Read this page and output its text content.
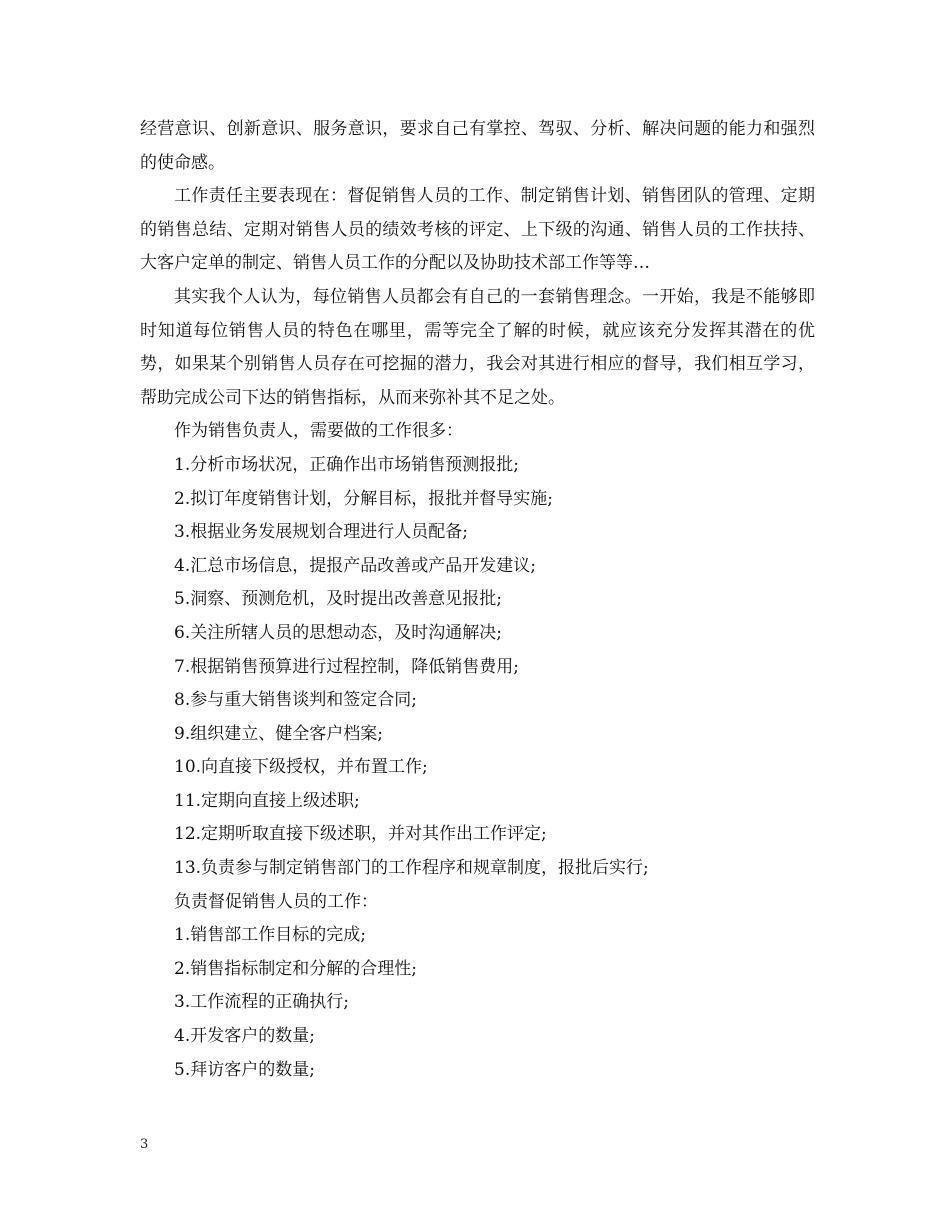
经营意识、创新意识、服务意识，要求自己有掌控、驾驭、分析、解决问题的能力和强烈的使命感。

工作责任主要表现在：督促销售人员的工作、制定销售计划、销售团队的管理、定期的销售总结、定期对销售人员的绩效考核的评定、上下级的沟通、销售人员的工作扶持、大客户定单的制定、销售人员工作的分配以及协助技术部工作等等…

其实我个人认为，每位销售人员都会有自己的一套销售理念。一开始，我是不能够即时知道每位销售人员的特色在哪里，需等完全了解的时候，就应该充分发挥其潜在的优势，如果某个别销售人员存在可挖掘的潜力，我会对其进行相应的督导，我们相互学习，帮助完成公司下达的销售指标，从而来弥补其不足之处。

作为销售负责人，需要做的工作很多：

1.分析市场状况，正确作出市场销售预测报批;
2.拟订年度销售计划，分解目标，报批并督导实施;
3.根据业务发展规划合理进行人员配备;
4.汇总市场信息，提报产品改善或产品开发建议;
5.洞察、预测危机，及时提出改善意见报批;
6.关注所辖人员的思想动态，及时沟通解决;
7.根据销售预算进行过程控制，降低销售费用;
8.参与重大销售谈判和签定合同;
9.组织建立、健全客户档案;
10.向直接下级授权，并布置工作;
11.定期向直接上级述职;
12.定期听取直接下级述职，并对其作出工作评定;
13.负责参与制定销售部门的工作程序和规章制度，报批后实行;

负责督促销售人员的工作：

1.销售部工作目标的完成;
2.销售指标制定和分解的合理性;
3.工作流程的正确执行;
4.开发客户的数量;
5.拜访客户的数量;
3
